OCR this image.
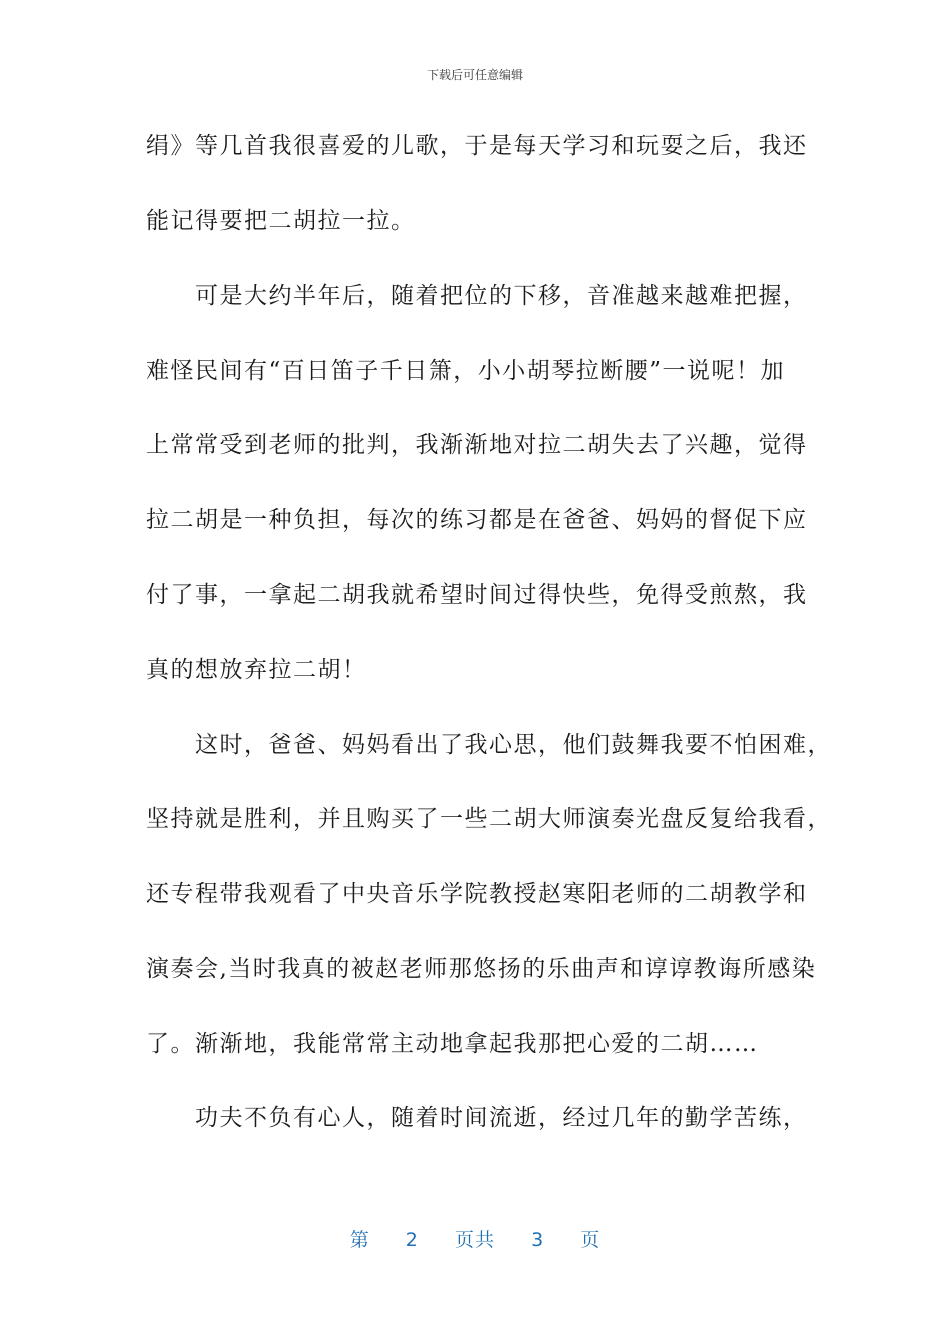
下载后可任意编辑
绢》等几首我很喜爱的儿歌，于是每天学习和玩耍之后，我还
能记得要把二胡拉一拉。
　　可是大约半年后，随着把位的下移，音准越来越难把握，
难怪民间有“百日笛子千日箫，小小胡琴拉断腰”一说呢！加
上常常受到老师的批判，我渐渐地对拉二胡失去了兴趣，觉得
拉二胡是一种负担，每次的练习都是在爸爸、妈妈的督促下应
付了事，一拿起二胡我就希望时间过得快些，免得受煎熬，我
真的想放弃拉二胡！
　　这时，爸爸、妈妈看出了我心思，他们鼓舞我要不怕困难，
坚持就是胜利，并且购买了一些二胡大师演奏光盘反复给我看，
还专程带我观看了中央音乐学院教授赵寒阳老师的二胡教学和
演奏会,当时我真的被赵老师那悠扬的乐曲声和谆谆教诲所感染
了。渐渐地，我能常常主动地拿起我那把心爱的二胡……
　　功夫不负有心人，随着时间流逝，经过几年的勤学苦练，
第 2 页共 3 页
